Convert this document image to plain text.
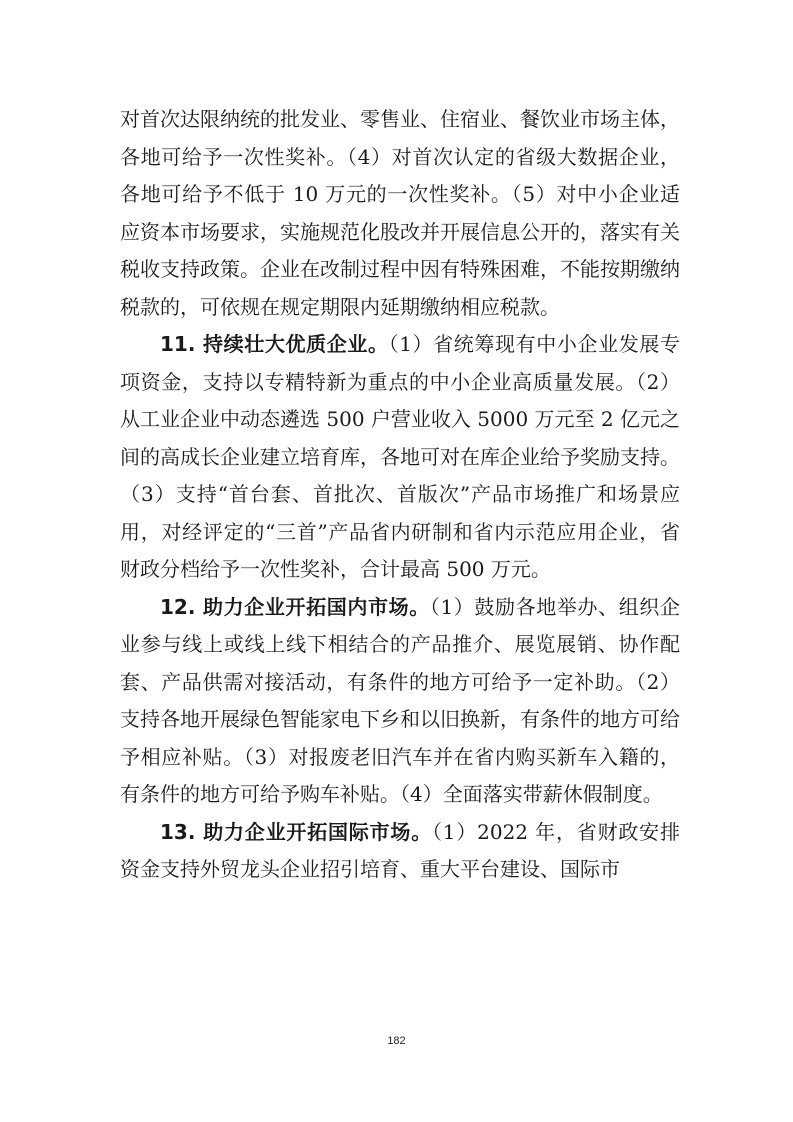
对首次达限纳统的批发业、零售业、住宿业、餐饮业市场主体，各地可给予一次性奖补。（4）对首次认定的省级大数据企业，各地可给予不低于 10 万元的一次性奖补。（5）对中小企业适应资本市场要求，实施规范化股改并开展信息公开的，落实有关税收支持政策。企业在改制过程中因有特殊困难，不能按期缴纳税款的，可依规在规定期限内延期缴纳相应税款。

11. 持续壮大优质企业。（1）省统筹现有中小企业发展专项资金，支持以专精特新为重点的中小企业高质量发展。（2）从工业企业中动态遴选 500 户营业收入 5000 万元至 2 亿元之间的高成长企业建立培育库，各地可对在库企业给予奖励支持。（3）支持“首台套、首批次、首版次”产品市场推广和场景应用，对经评定的“三首”产品省内研制和省内示范应用企业，省财政分档给予一次性奖补，合计最高 500 万元。

12. 助力企业开拓国内市场。（1）鼓励各地举办、组织企业参与线上或线上线下相结合的产品推介、展览展销、协作配套、产品供需对接活动，有条件的地方可给予一定补助。（2）支持各地开展绿色智能家电下乡和以旧换新，有条件的地方可给予相应补贴。（3）对报废老旧汽车并在省内购买新车入籍的，有条件的地方可给予购车补贴。（4）全面落实带薪休假制度。

13. 助力企业开拓国际市场。（1）2022 年，省财政安排资金支持外贸龙头企业招引培育、重大平台建设、国际市

182
